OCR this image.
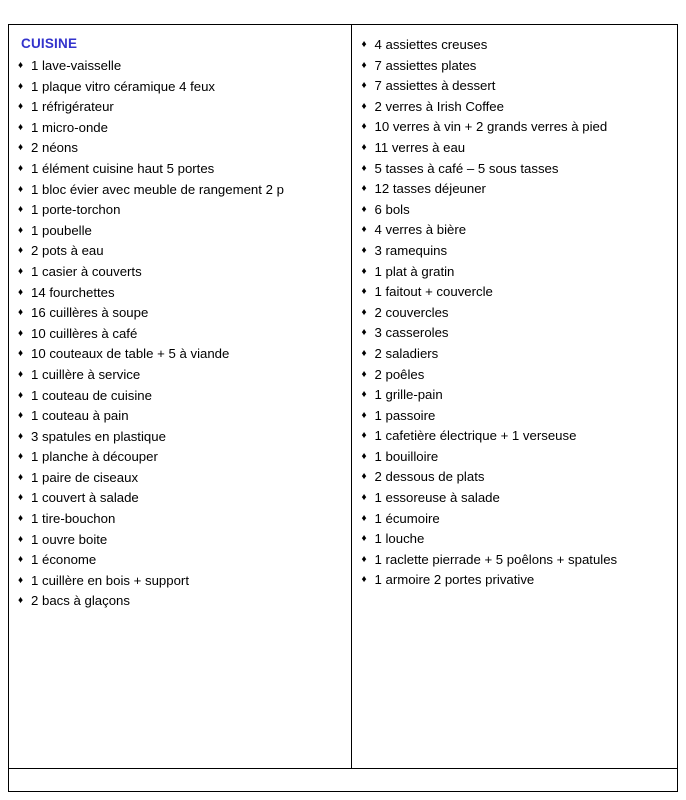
CUISINE
♦ 1 lave-vaisselle
♦ 1 plaque vitro céramique 4 feux
♦ 1 réfrigérateur
♦ 1 micro-onde
♦ 2 néons
♦ 1 élément cuisine haut 5 portes
♦ 1 bloc évier avec meuble de rangement 2 p
♦ 1 porte-torchon
♦ 1 poubelle
♦ 2 pots à eau
♦ 1 casier à couverts
♦ 14 fourchettes
♦ 16 cuillères à soupe
♦ 10 cuillères à café
♦ 10 couteaux de table + 5 à viande
♦ 1 cuillère à service
♦ 1 couteau de cuisine
♦ 1 couteau à pain
♦ 3 spatules en plastique
♦ 1 planche à découper
♦ 1 paire de ciseaux
♦ 1 couvert à salade
♦ 1 tire-bouchon
♦ 1 ouvre boite
♦ 1 économe
♦ 1 cuillère en bois + support
♦ 2 bacs à glaçons
♦ 4 assiettes creuses
♦ 7 assiettes plates
♦ 7 assiettes à dessert
♦ 2 verres à Irish Coffee
♦ 10 verres à vin + 2 grands verres à pied
♦ 11 verres à eau
♦ 5 tasses à café – 5 sous tasses
♦ 12 tasses déjeuner
♦ 6 bols
♦ 4 verres à bière
♦ 3 ramequins
♦ 1 plat à gratin
♦ 1 faitout + couvercle
♦ 2 couvercles
♦ 3 casseroles
♦ 2 saladiers
♦ 2 poêles
♦ 1 grille-pain
♦ 1 passoire
♦ 1 cafetière électrique + 1 verseuse
♦ 1 bouilloire
♦ 2 dessous de plats
♦ 1 essoreuse à salade
♦ 1 écumoire
♦ 1 louche
♦ 1 raclette pierrade + 5 poêlons + spatules
♦ 1 armoire 2 portes privative
